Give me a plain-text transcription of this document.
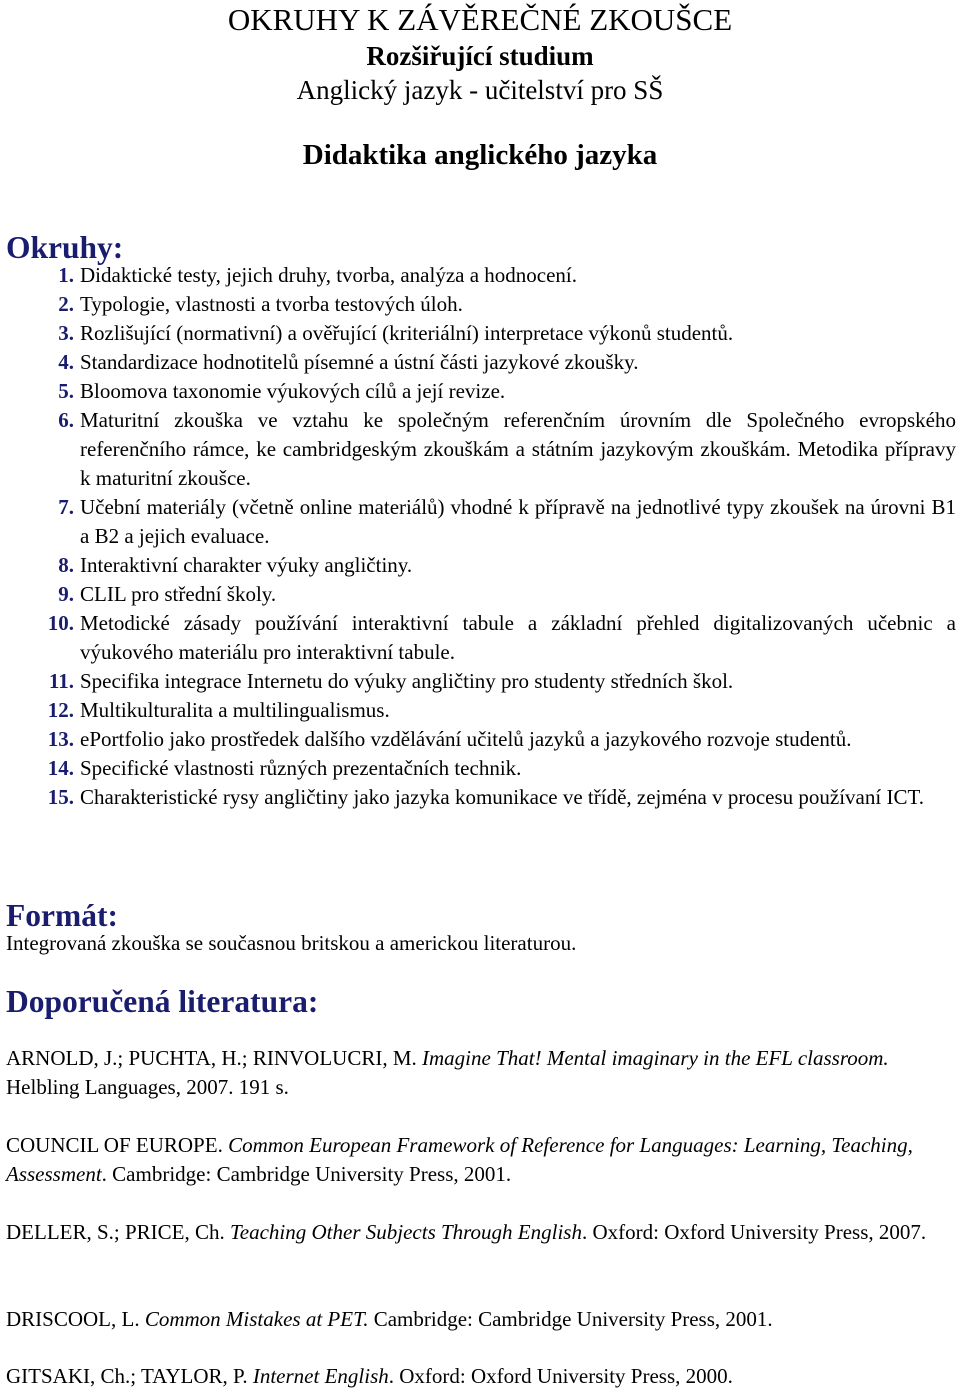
OKRUHY K ZÁVĚREČNÉ ZKOUŠCE
Rozšiřující studium
Anglický jazyk - učitelství pro SŠ
Didaktika anglického jazyka
Okruhy:
1. Didaktické testy, jejich druhy, tvorba, analýza a hodnocení.
2. Typologie, vlastnosti a tvorba testových úloh.
3. Rozlišující (normativní) a ověřující (kriteriální) interpretace výkonů studentů.
4. Standardizace hodnotitelů písemné a ústní části jazykové zkoušky.
5. Bloomova taxonomie výukových cílů a její revize.
6. Maturitní zkouška ve vztahu ke společným referenčním úrovním dle Společného evropského referenčního rámce, ke cambridgeským zkouškám a státním jazykovým zkouškám. Metodika přípravy k maturitní zkoušce.
7. Učební materiály (včetně online materiálů) vhodné k přípravě na jednotlivé typy zkoušek na úrovni B1 a B2 a jejich evaluace.
8. Interaktivní charakter výuky angličtiny.
9. CLIL pro střední školy.
10. Metodické zásady používání interaktivní tabule a základní přehled digitalizovaných učebnic a výukového materiálu pro interaktivní tabule.
11. Specifika integrace Internetu do výuky angličtiny pro studenty středních škol.
12. Multikulturalita a multilingualismus.
13. ePortfolio jako prostředek dalšího vzdělávání učitelů jazyků a jazykového rozvoje studentů.
14. Specifické vlastnosti různých prezentačních technik.
15. Charakteristické rysy angličtiny jako jazyka komunikace ve třídě, zejména v procesu používaní ICT.
Formát:
Integrovaná zkouška se současnou britskou a americkou literaturou.
Doporučená literatura:
ARNOLD, J.; PUCHTA, H.; RINVOLUCRI, M. Imagine That! Mental imaginary in the EFL classroom. Helbling Languages, 2007. 191 s.
COUNCIL OF EUROPE. Common European Framework of Reference for Languages: Learning, Teaching, Assessment. Cambridge: Cambridge University Press, 2001.
DELLER, S.; PRICE, Ch. Teaching Other Subjects Through English. Oxford: Oxford University Press, 2007.
DRISCOOL, L. Common Mistakes at PET. Cambridge: Cambridge University Press, 2001.
GITSAKI, Ch.; TAYLOR, P. Internet English. Oxford: Oxford University Press, 2000.
